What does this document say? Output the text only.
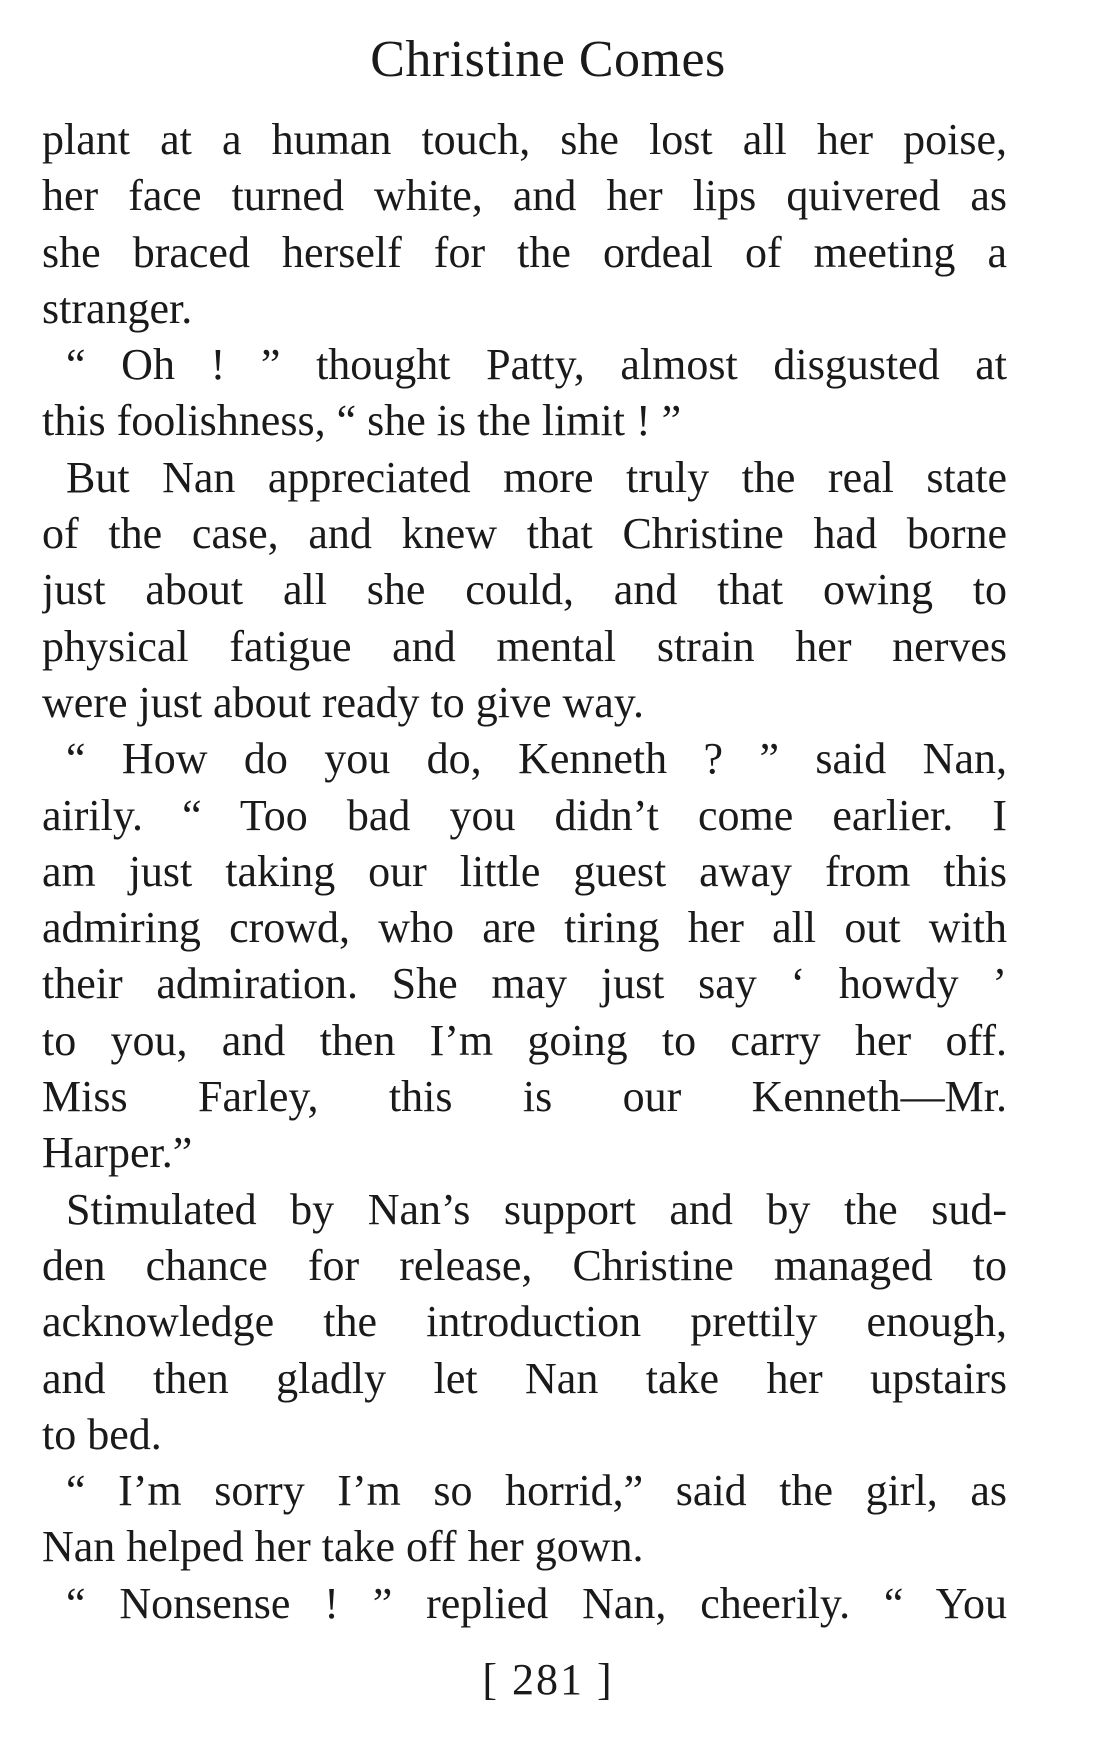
Christine Comes
plant at a human touch, she lost all her poise,
her face turned white, and her lips quivered as
she braced herself for the ordeal of meeting a
stranger.
“ Oh ! ” thought Patty, almost disgusted at
this foolishness, “ she is the limit ! ”
But Nan appreciated more truly the real state
of the case, and knew that Christine had borne
just about all she could, and that owing to
physical fatigue and mental strain her nerves
were just about ready to give way.
“ How do you do, Kenneth ? ” said Nan,
airily. “ Too bad you didn’t come earlier. I
am just taking our little guest away from this
admiring crowd, who are tiring her all out with
their admiration. She may just say ‘ howdy ’
to you, and then I’m going to carry her off.
Miss Farley, this is our Kenneth—Mr.
Harper.”
Stimulated by Nan’s support and by the sud-
den chance for release, Christine managed to
acknowledge the introduction prettily enough,
and then gladly let Nan take her upstairs
to bed.
“ I’m sorry I’m so horrid,” said the girl, as
Nan helped her take off her gown.
“ Nonsense ! ” replied Nan, cheerily. “ You
[ 281 ]
